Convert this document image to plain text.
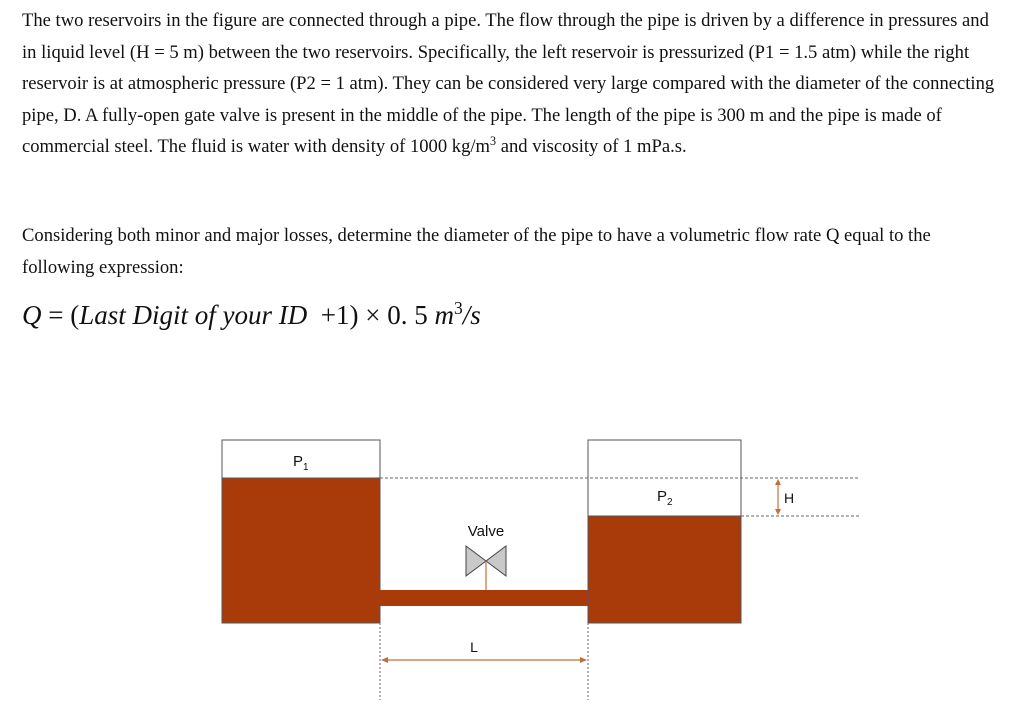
The two reservoirs in the figure are connected through a pipe. The flow through the pipe is driven by a difference in pressures and in liquid level (H = 5 m) between the two reservoirs. Specifically, the left reservoir is pressurized (P1 = 1.5 atm) while the right reservoir is at atmospheric pressure (P2 = 1 atm). They can be considered very large compared with the diameter of the connecting pipe, D. A fully-open gate valve is present in the middle of the pipe. The length of the pipe is 300 m and the pipe is made of commercial steel. The fluid is water with density of 1000 $kg/m^3$ and viscosity of 1 mPa.s.
Considering both minor and major losses, determine the diameter of the pipe to have a volumetric flow rate Q equal to the following expression:
Q = (Last Digit of your ID  +1) × 0. 5 $m^3/s$
$P_1$
$P_2$	H
Valve
L
